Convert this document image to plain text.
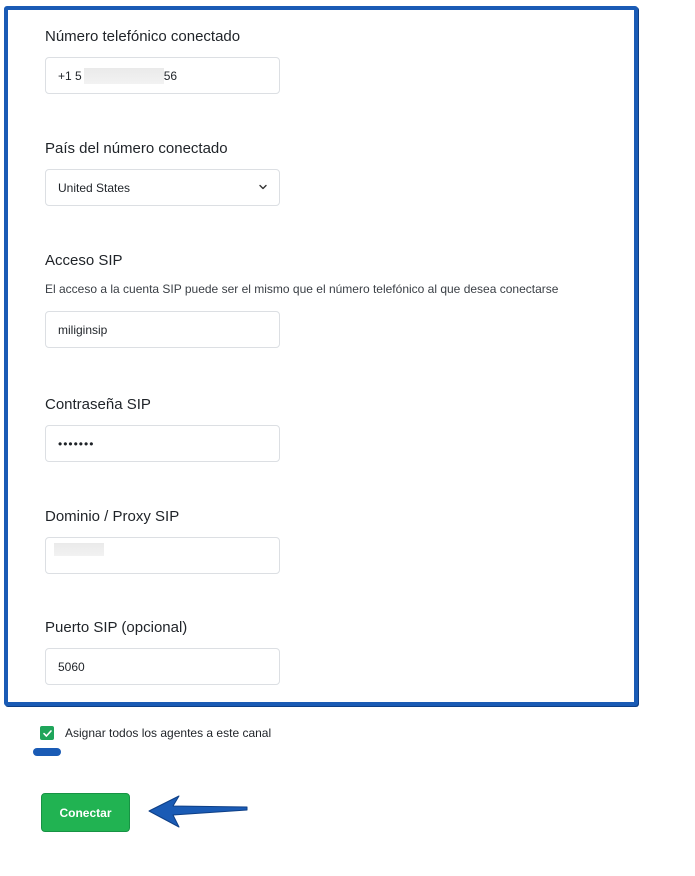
Número telefónico conectado

+1 5	56

País del número conectado

United States

Acceso SIP

El acceso a la cuenta SIP puede ser el mismo que el número telefónico al que desea conectarse

miliginsip

Contraseña SIP

•••••••

Dominio / Proxy SIP

Puerto SIP (opcional)

5060
Asignar todos los agentes a este canal
Conectar
